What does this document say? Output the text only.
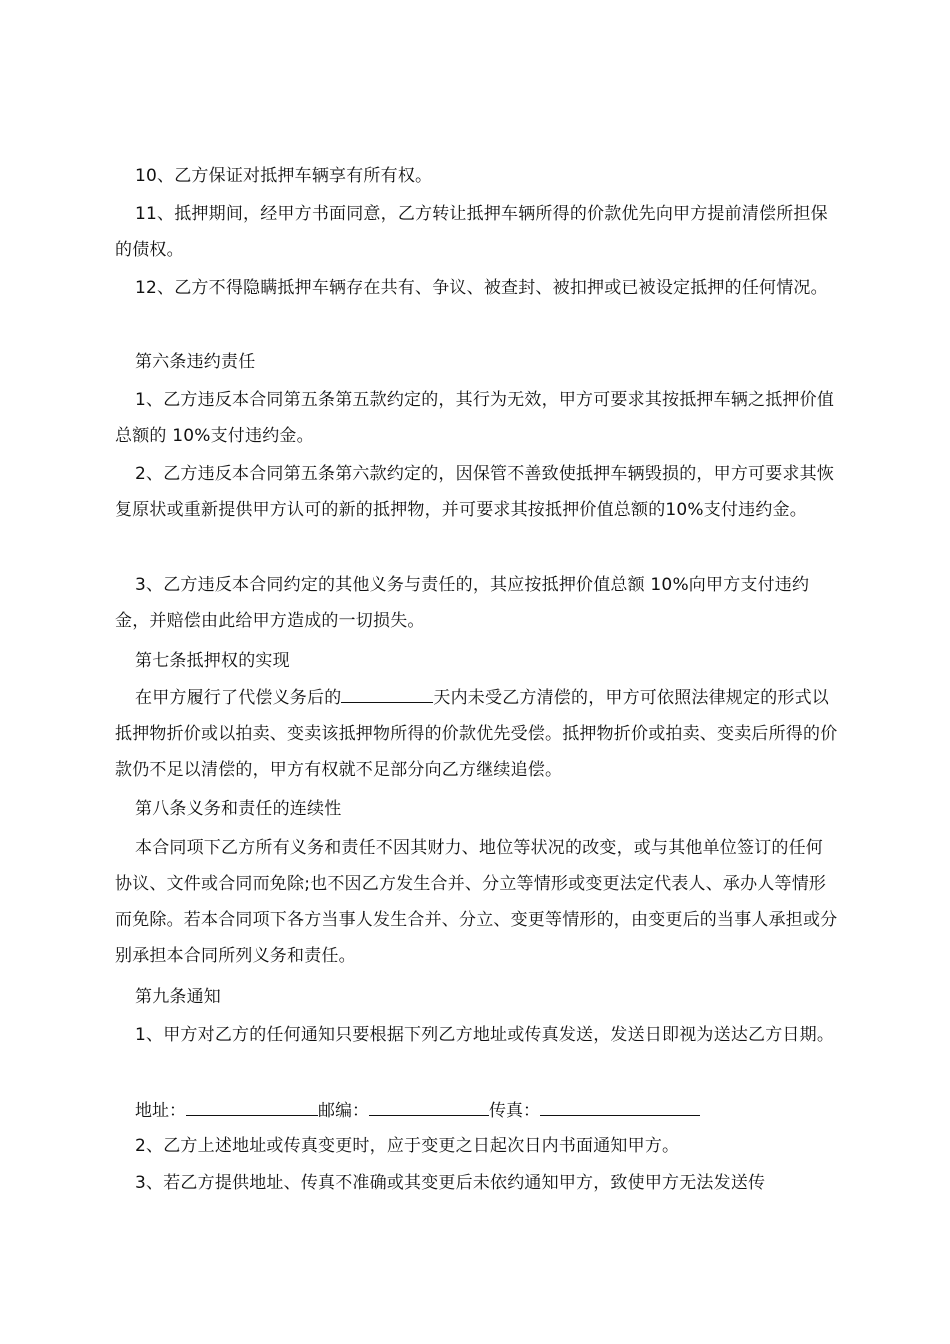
10、乙方保证对抵押车辆享有所有权。

11、抵押期间，经甲方书面同意，乙方转让抵押车辆所得的价款优先向甲方提前清偿所担保的债权。

12、乙方不得隐瞒抵押车辆存在共有、争议、被查封、被扣押或已被设定抵押的任何情况。

第六条违约责任

1、乙方违反本合同第五条第五款约定的，其行为无效，甲方可要求其按抵押车辆之抵押价值总额的 10%支付违约金。

2、乙方违反本合同第五条第六款约定的，因保管不善致使抵押车辆毁损的，甲方可要求其恢复原状或重新提供甲方认可的新的抵押物，并可要求其按抵押价值总额的10%支付违约金。

3、乙方违反本合同约定的其他义务与责任的，其应按抵押价值总额 10%向甲方支付违约金，并赔偿由此给甲方造成的一切损失。

第七条抵押权的实现

在甲方履行了代偿义务后的	天内未受乙方清偿的，甲方可依照法律规定的形式以抵押物折价或以拍卖、变卖该抵押物所得的价款优先受偿。抵押物折价或拍卖、变卖后所得的价款仍不足以清偿的，甲方有权就不足部分向乙方继续追偿。

第八条义务和责任的连续性

本合同项下乙方所有义务和责任不因其财力、地位等状况的改变，或与其他单位签订的任何协议、文件或合同而免除;也不因乙方发生合并、分立等情形或变更法定代表人、承办人等情形而免除。若本合同项下各方当事人发生合并、分立、变更等情形的，由变更后的当事人承担或分别承担本合同所列义务和责任。

第九条通知

1、甲方对乙方的任何通知只要根据下列乙方地址或传真发送，发送日即视为送达乙方日期。

地址：	邮编：	传真：

2、乙方上述地址或传真变更时，应于变更之日起次日内书面通知甲方。

3、若乙方提供地址、传真不准确或其变更后未依约通知甲方，致使甲方无法发送传
